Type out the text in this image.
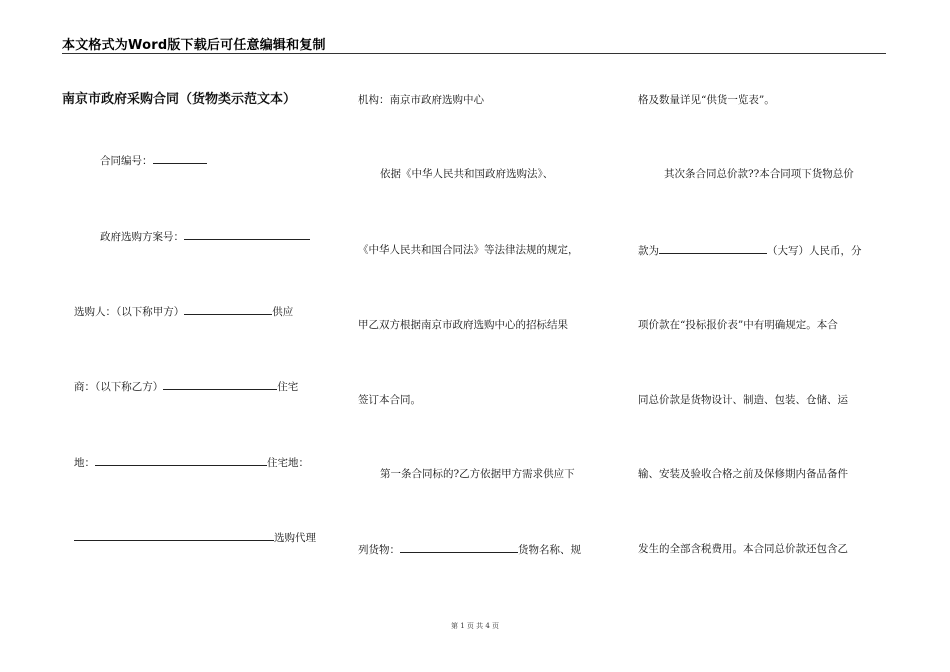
本文格式为Word版下载后可任意编辑和复制
南京市政府采购合同（货物类示范文本）
合同编号：
政府选购方案号：
选购人：（以下称甲方）	供应
商：（以下称乙方）	住宅
地：	住宅地：
选购代理
机构：南京市政府选购中心
依据《中华人民共和国政府选购法》、
《中华人民共和国合同法》等法律法规的规定，
甲乙双方根据南京市政府选购中心的招标结果
签订本合同。
第一条合同标的?乙方依据甲方需求供应下
列货物：	货物名称、规
格及数量详见“供货一览表”。
其次条合同总价款??本合同项下货物总价
款为	（大写）人民币，分
项价款在“投标报价表”中有明确规定。本合
同总价款是货物设计、制造、包装、仓储、运
输、安装及验收合格之前及保修期内备品备件
发生的全部含税费用。本合同总价款还包含乙
第 1 页 共 4 页
